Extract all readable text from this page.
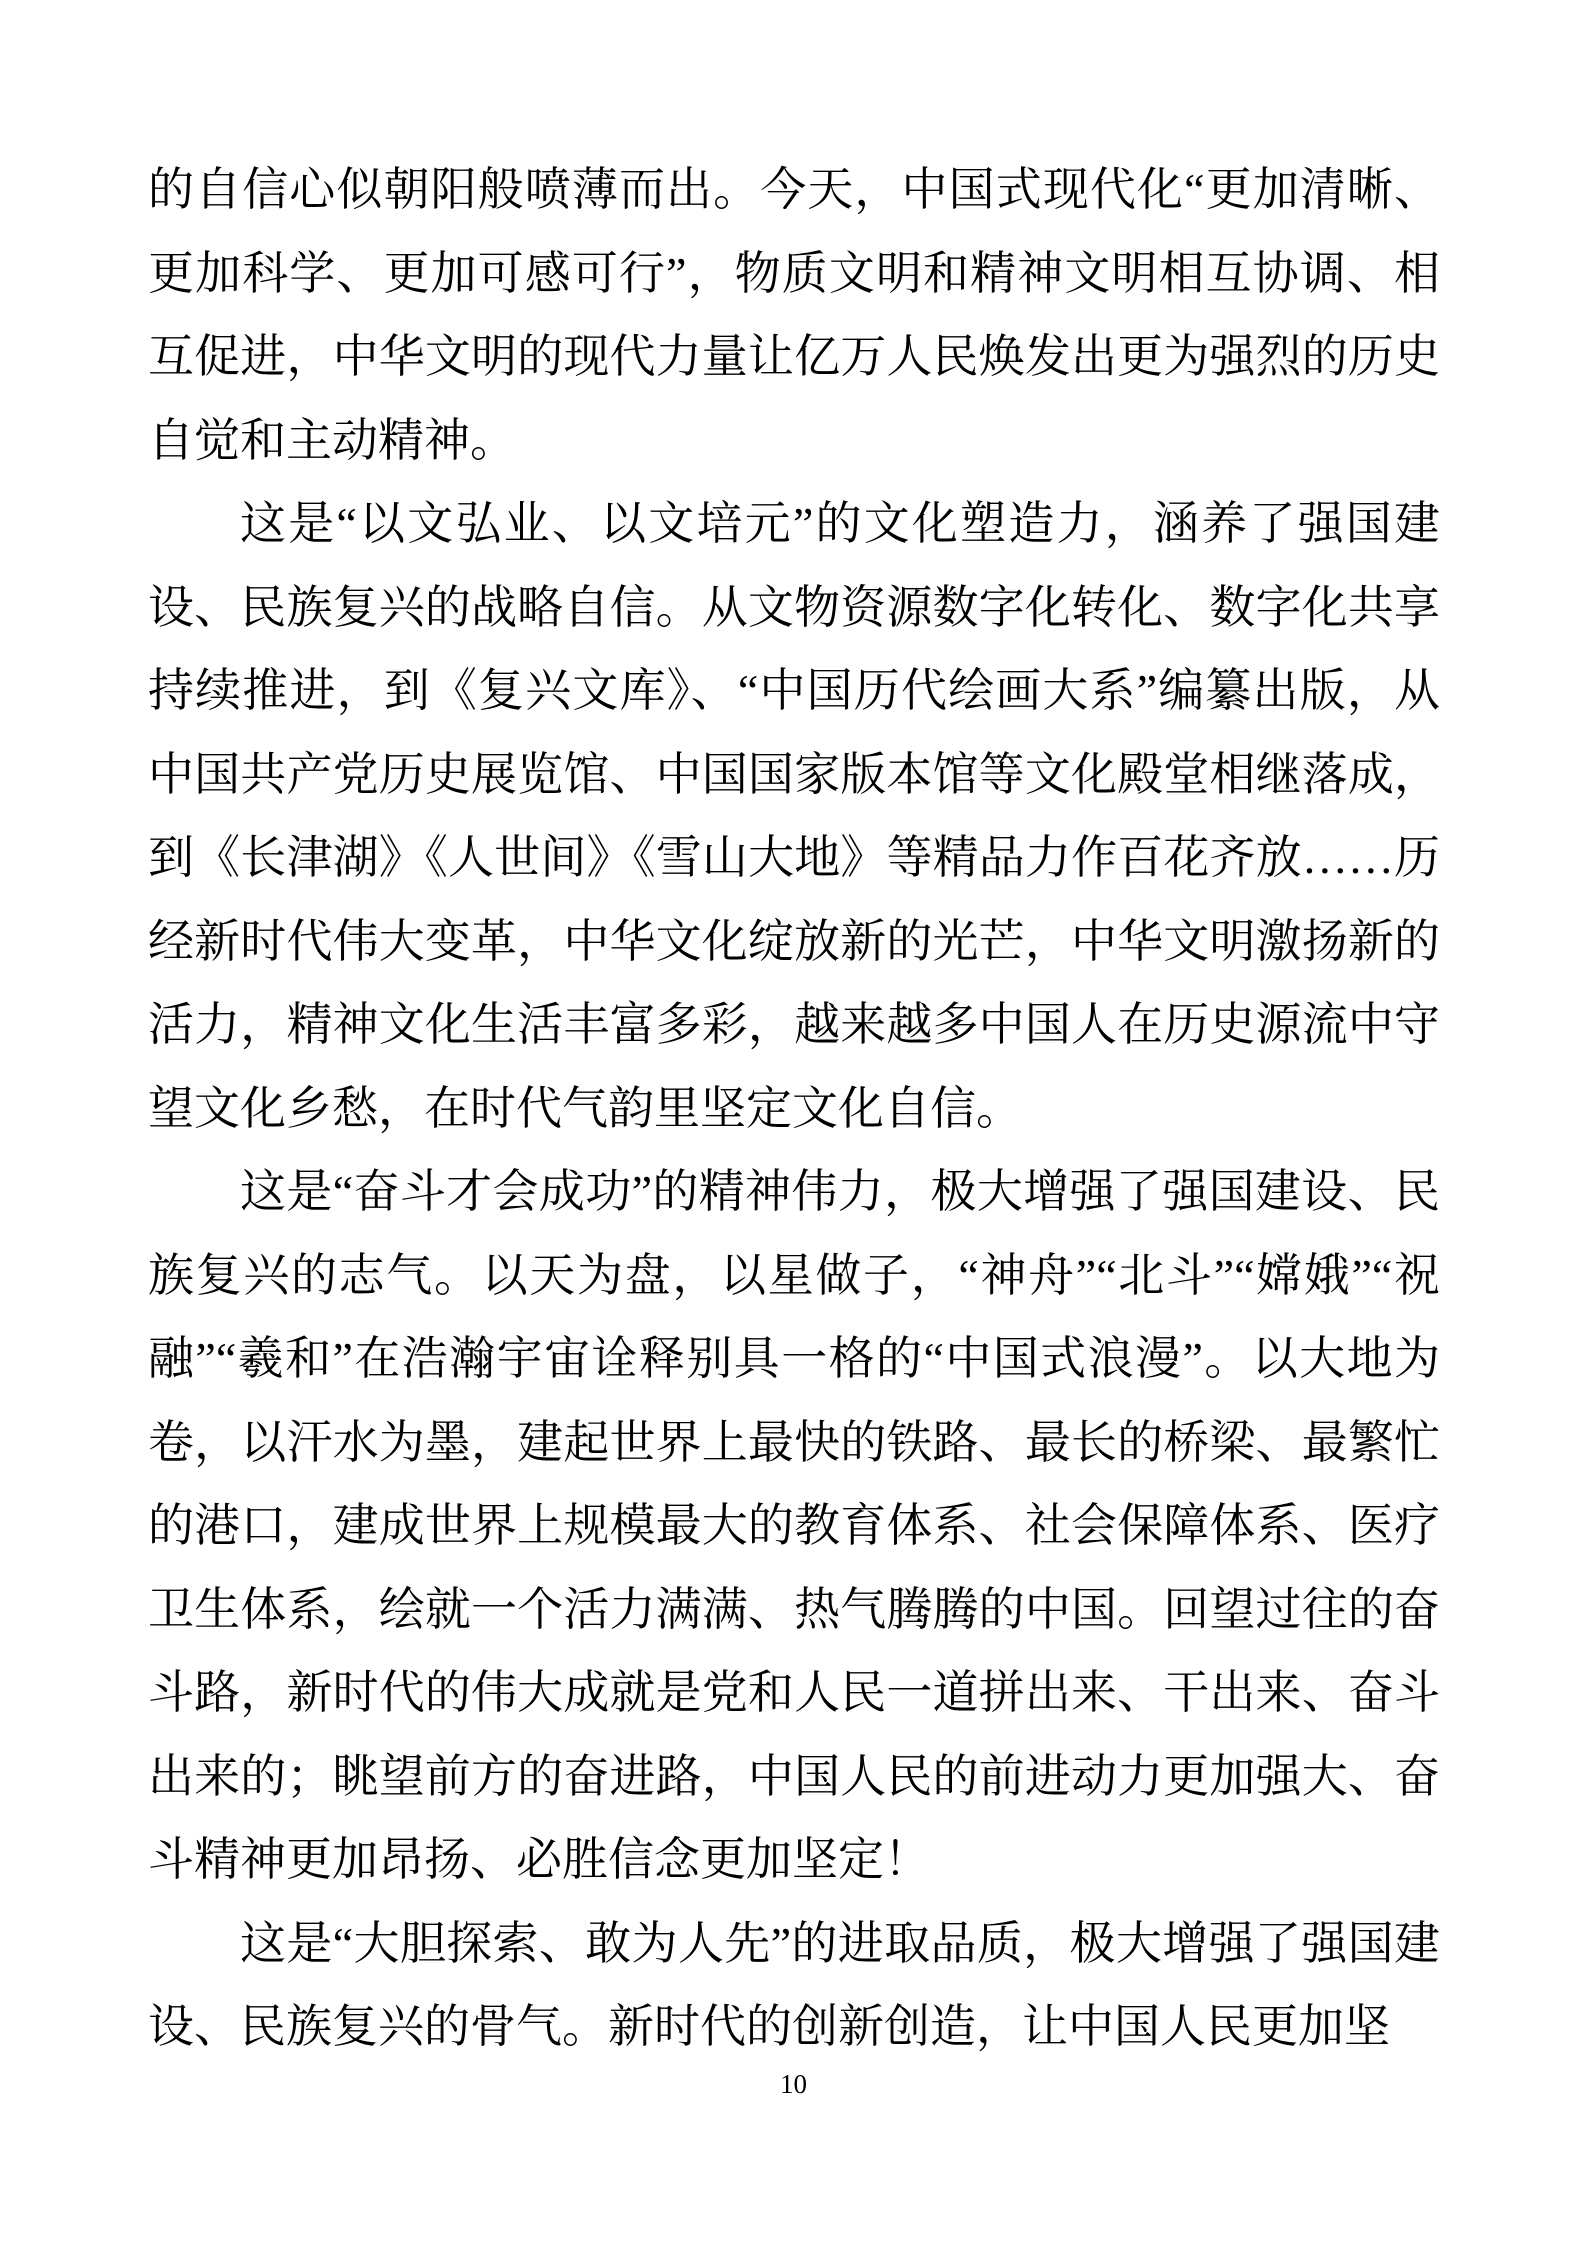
的自信心似朝阳般喷薄而出。今天，中国式现代化“更加清晰、更加科学、更加可感可行”，物质文明和精神文明相互协调、相互促进，中华文明的现代力量让亿万人民焕发出更为强烈的历史自觉和主动精神。

这是“以文弘业、以文培元”的文化塑造力，涵养了强国建设、民族复兴的战略自信。从文物资源数字化转化、数字化共享持续推进，到《复兴文库》、“中国历代绘画大系”编纂出版，从中国共产党历史展览馆、中国国家版本馆等文化殿堂相继落成，到《长津湖》《人世间》《雪山大地》等精品力作百花齐放……历经新时代伟大变革，中华文化绽放新的光芒，中华文明激扬新的活力，精神文化生活丰富多彩，越来越多中国人在历史源流中守望文化乡愁，在时代气韵里坚定文化自信。

这是“奋斗才会成功”的精神伟力，极大增强了强国建设、民族复兴的志气。以天为盘，以星做子，“神舟”“北斗”“嫦娥”“祝融”“羲和”在浩瀚宇宙诠释别具一格的“中国式浪漫”。以大地为卷，以汗水为墨，建起世界上最快的铁路、最长的桥梁、最繁忙的港口，建成世界上规模最大的教育体系、社会保障体系、医疗卫生体系，绘就一个活力满满、热气腾腾的中国。回望过往的奋斗路，新时代的伟大成就是党和人民一道拼出来、干出来、奋斗出来的；眺望前方的奋进路，中国人民的前进动力更加强大、奋斗精神更加昂扬、必胜信念更加坚定！

这是“大胆探索、敢为人先”的进取品质，极大增强了强国建设、民族复兴的骨气。新时代的创新创造，让中国人民更加坚

10
